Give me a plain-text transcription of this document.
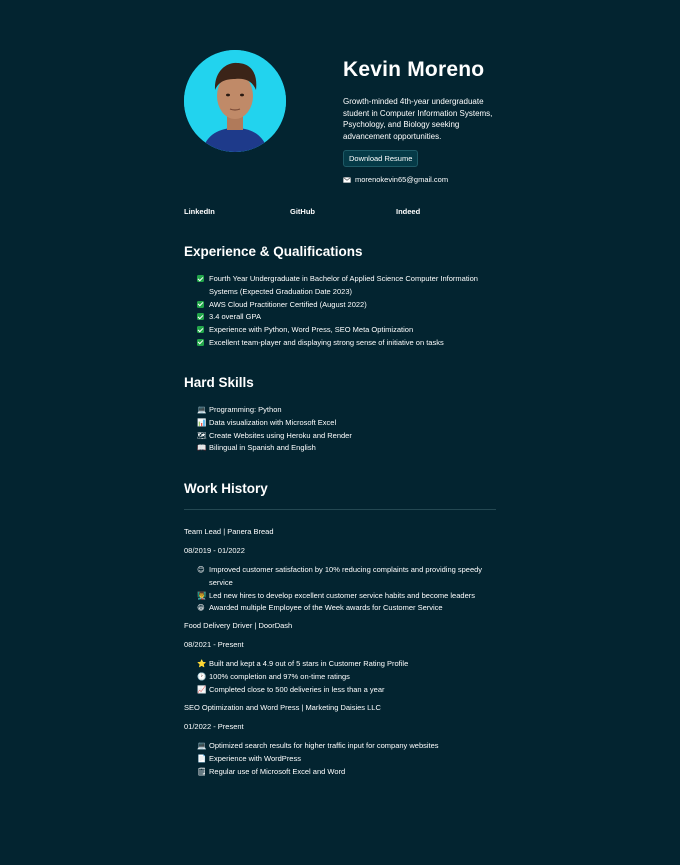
Kevin Moreno
Growth-minded 4th-year undergraduate student in Computer Information Systems, Psychology, and Biology seeking advancement opportunities.
Download Resume
morenokevin65@gmail.com
LinkedIn	GitHub	Indeed
Experience & Qualifications
Fourth Year Undergraduate in Bachelor of Applied Science Computer Information Systems (Expected Graduation Date 2023)
AWS Cloud Practitioner Certified (August 2022)
3.4 overall GPA
Experience with Python, Word Press, SEO Meta Optimization
Excellent team-player and displaying strong sense of initiative on tasks
Hard Skills
💻 Programming: Python
📊 Data visualization with Microsoft Excel
🗺 Create Websites using Heroku and Render
📖 Bilingual in Spanish and English
Work History
Team Lead | Panera Bread
08/2019 - 01/2022
😊 Improved customer satisfaction by 10% reducing complaints and providing speedy service
👨‍🏫 Led new hires to develop excellent customer service habits and become leaders
😁 Awarded multiple Employee of the Week awards for Customer Service
Food Delivery Driver | DoorDash
08/2021 - Present
⭐ Built and kept a 4.9 out of 5 stars in Customer Rating Profile
🕐 100% completion and 97% on-time ratings
📈 Completed close to 500 deliveries in less than a year
SEO Optimization and Word Press | Marketing Daisies LLC
01/2022 - Present
💻 Optimized search results for higher traffic input for company websites
📄 Experience with WordPress
🗒 Regular use of Microsoft Excel and Word
